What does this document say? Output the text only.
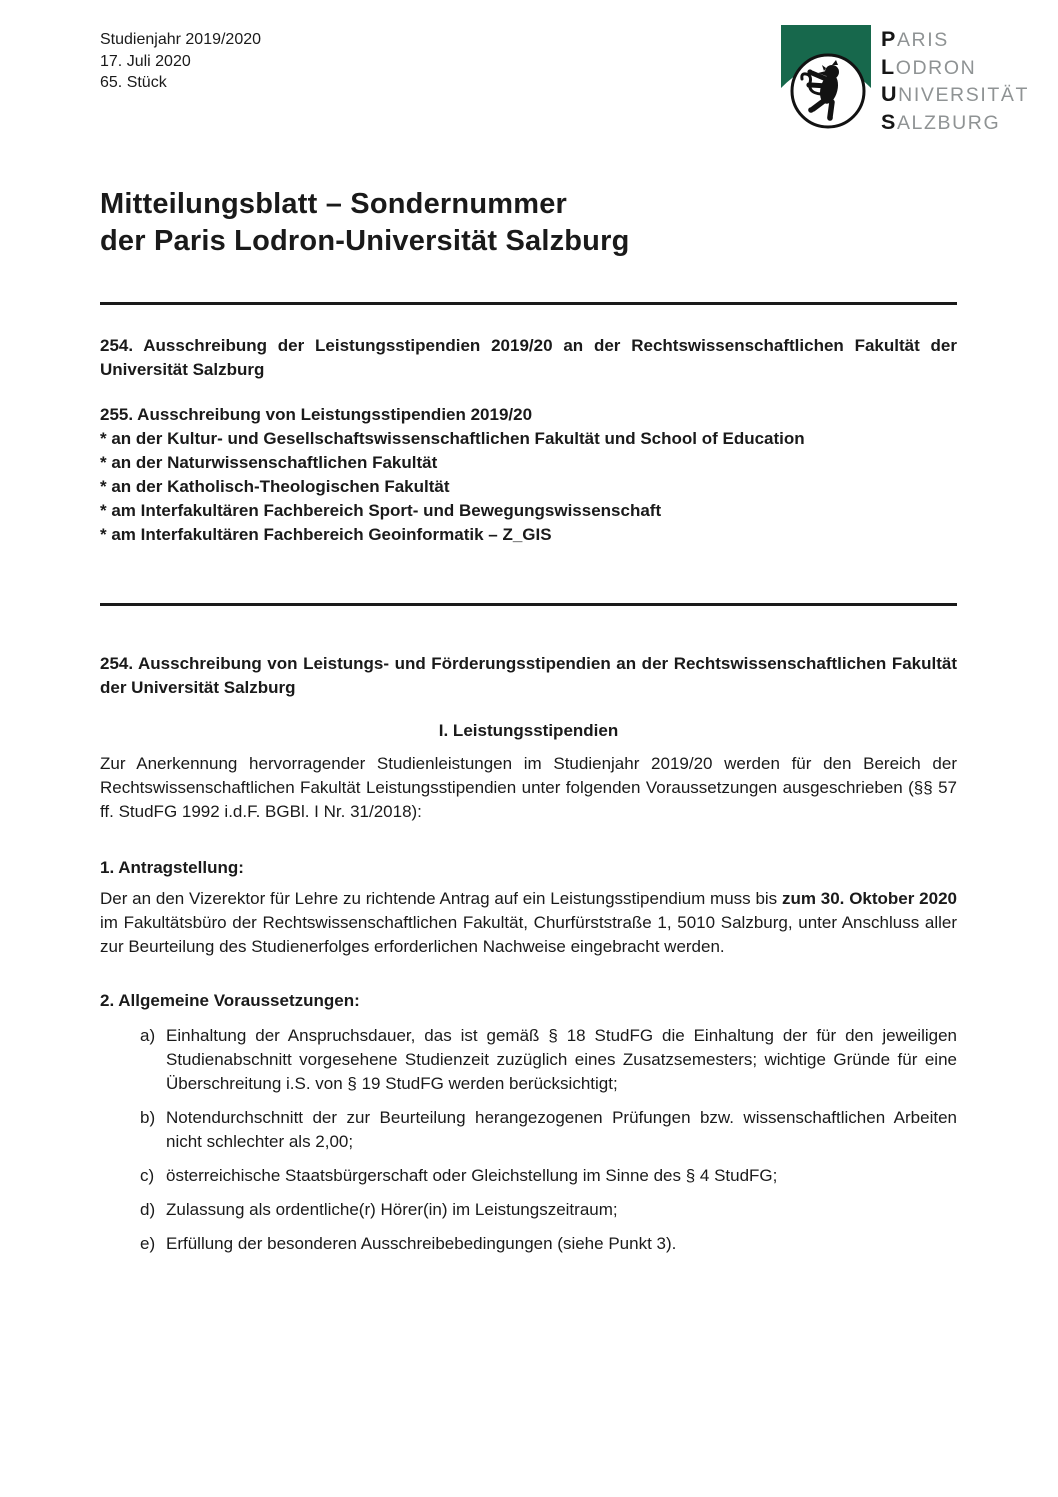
PARIS
LODRON
UNIVERSITÄT
SALZBURG
Studienjahr 2019/2020
17. Juli 2020
65. Stück
Mitteilungsblatt – Sondernummer
der Paris Lodron-Universität Salzburg

254. Ausschreibung der Leistungsstipendien 2019/20 an der Rechtswissenschaftlichen Fakultät der Universität Salzburg

255. Ausschreibung von Leistungsstipendien 2019/20
* an der Kultur- und Gesellschaftswissenschaftlichen Fakultät und School of Education
* an der Naturwissenschaftlichen Fakultät
* an der Katholisch-Theologischen Fakultät
* am Interfakultären Fachbereich Sport- und Bewegungswissenschaft
* am Interfakultären Fachbereich Geoinformatik – Z_GIS

254. Ausschreibung von Leistungs- und Förderungsstipendien an der Rechtswissenschaftlichen Fakultät der Universität Salzburg

I. Leistungsstipendien

Zur Anerkennung hervorragender Studienleistungen im Studienjahr 2019/20 werden für den Bereich der Rechtswissenschaftlichen Fakultät Leistungsstipendien unter folgenden Voraussetzungen ausgeschrieben (§§ 57 ff. StudFG 1992 i.d.F. BGBl. I Nr. 31/2018):

1. Antragstellung:

Der an den Vizerektor für Lehre zu richtende Antrag auf ein Leistungsstipendium muss bis zum 30. Oktober 2020 im Fakultätsbüro der Rechtswissenschaftlichen Fakultät, Churfürststraße 1, 5010 Salzburg, unter Anschluss aller zur Beurteilung des Studienerfolges erforderlichen Nachweise eingebracht werden.

2. Allgemeine Voraussetzungen:

a) Einhaltung der Anspruchsdauer, das ist gemäß § 18 StudFG die Einhaltung der für den jeweiligen Studienabschnitt vorgesehene Studienzeit zuzüglich eines Zusatzsemesters; wichtige Gründe für eine Überschreitung i.S. von § 19 StudFG werden berücksichtigt;
b) Notendurchschnitt der zur Beurteilung herangezogenen Prüfungen bzw. wissenschaftlichen Arbeiten nicht schlechter als 2,00;
c) österreichische Staatsbürgerschaft oder Gleichstellung im Sinne des § 4 StudFG;
d) Zulassung als ordentliche(r) Hörer(in) im Leistungszeitraum;
e) Erfüllung der besonderen Ausschreibebedingungen (siehe Punkt 3).
